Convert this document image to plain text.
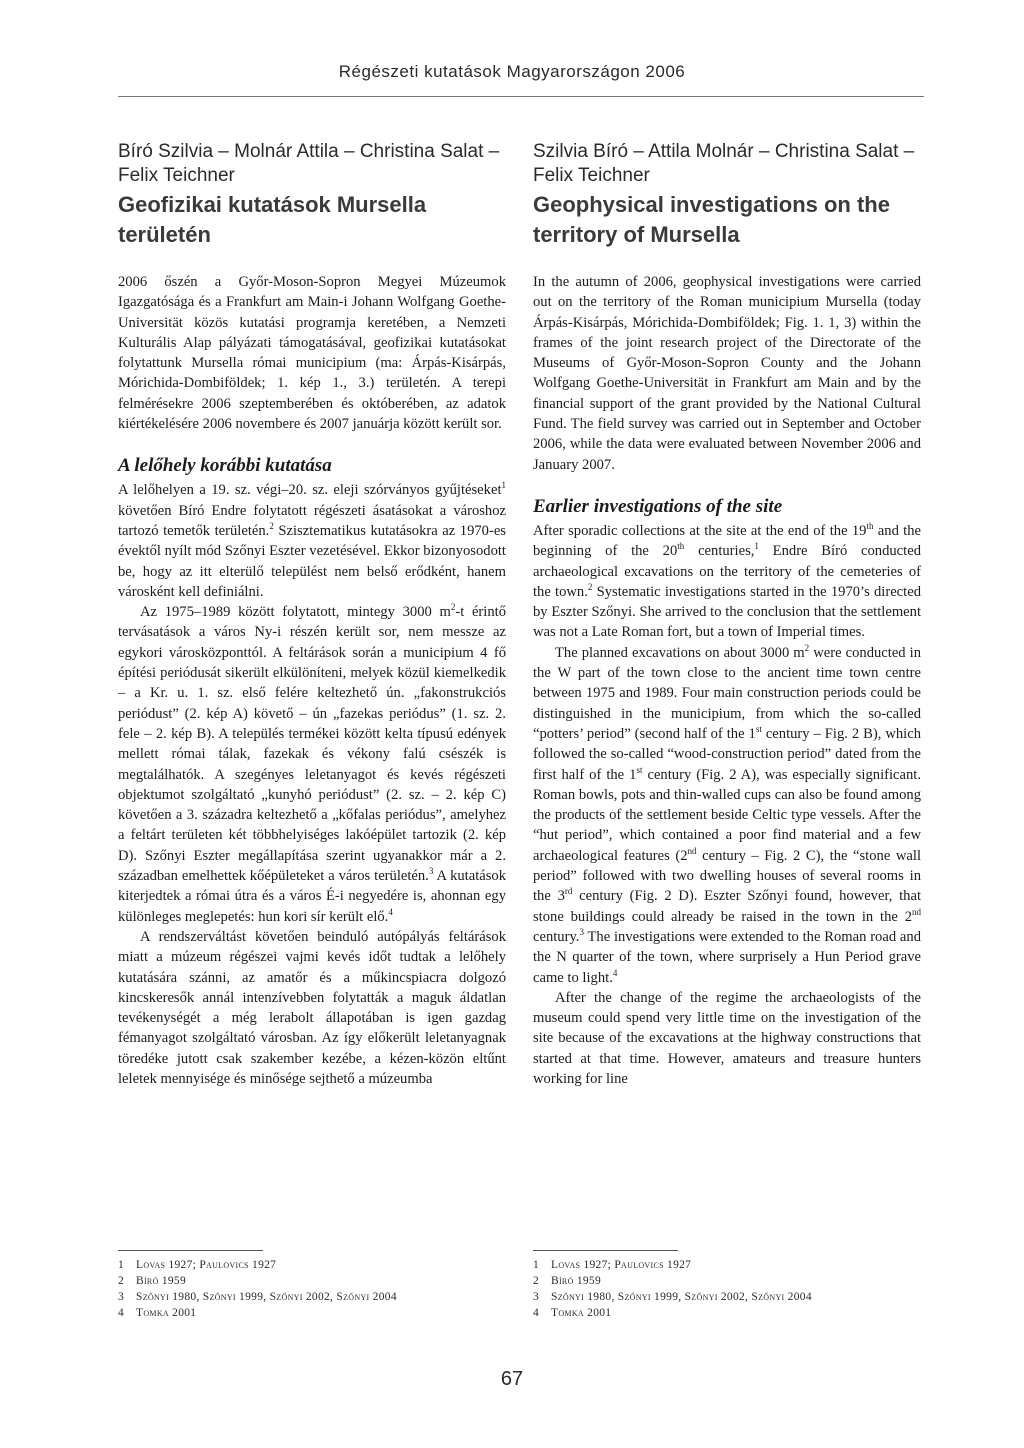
Régészeti kutatások Magyarországon 2006

Bíró Szilvia – Molnár Attila – Christina Salat – Felix Teichner

Geofizikai kutatások Mursella területén

2006 őszén a Győr-Moson-Sopron Megyei Múzeumok Igazgatósága és a Frankfurt am Main-i Johann Wolfgang Goethe-Universität közös kutatási programja keretében, a Nemzeti Kulturális Alap pályázati támogatásával, geofizikai kutatásokat folytattunk Mursella római municipium (ma: Árpás-Kisárpás, Mórichida-Dombiföldek; 1. kép 1., 3.) területén. A terepi felmérésekre 2006 szeptemberében és októberében, az adatok kiértékelésére 2006 novembere és 2007 januárja között került sor.

A lelőhely korábbi kutatása

A lelőhelyen a 19. sz. végi–20. sz. eleji szórványos gyűjtéseket$^1$ követően Bíró Endre folytatott régészeti ásatásokat a városhoz tartozó temetők területén.$^2$ Szisztematikus kutatásokra az 1970-es évektől nyílt mód Szőnyi Eszter vezetésével. Ekkor bizonyosodott be, hogy az itt elterülő települést nem belső erődként, hanem városként kell definiálni.

Az 1975–1989 között folytatott, mintegy 3000 $m^2-t$ érintő tervásatások a város Ny-i részén került sor, nem messze az egykori városközponttól. A feltárások során a municipium 4 fő építési periódusát sikerült elkülöníteni, melyek közül kiemelkedik – a Kr. u. 1. sz. első felére keltezhető ún. „fakonstrukciós periódust” (2. kép A) követő – ún „fazekas periódus” (1. sz. 2. fele – 2. kép B). A település termékei között kelta típusú edények mellett római tálak, fazekak és vékony falú csészék is megtalálhatók. A szegényes leletanyagot és kevés régészeti objektumot szolgáltató „kunyhó periódust” (2. sz. – 2. kép C) követően a 3. századra keltezhető a „kőfalas periódus”, amelyhez a feltárt területen két többhelyiséges lakóépület tartozik (2. kép D). Szőnyi Eszter megállapítása szerint ugyanakkor már a 2. században emelhettek kőépületeket a város területén.$^3$ A kutatások kiterjedtek a római útra és a város É-i negyedére is, ahonnan egy különleges meglepetés: hun kori sír került elő.$^4$

A rendszerváltást követően beinduló autópályás feltárások miatt a múzeum régészei vajmi kevés időt tudtak a lelőhely kutatására szánni, az amatőr és a műkincspiacra dolgozó kincskeresők annál intenzívebben folytatták a maguk áldatlan tevékenységét a még lerabolt állapotában is igen gazdag fémanyagot szolgáltató városban. Az így előkerült leletanyagnak töredéke jutott csak szakember kezébe, a kézen-közön eltűnt leletek mennyisége és minősége sejthető a múzeumba

Szilvia Bíró – Attila Molnár – Christina Salat – Felix Teichner

Geophysical investigations on the territory of Mursella

In the autumn of 2006, geophysical investigations were carried out on the territory of the Roman municipium Mursella (today Árpás-Kisárpás, Mórichida-Dombiföldek; Fig. 1. 1, 3) within the frames of the joint research project of the Directorate of the Museums of Győr-Moson-Sopron County and the Johann Wolfgang Goethe-Universität in Frankfurt am Main and by the financial support of the grant provided by the National Cultural Fund. The field survey was carried out in September and October 2006, while the data were evaluated between November 2006 and January 2007.

Earlier investigations of the site

After sporadic collections at the site at the end of the 19th and the beginning of the 20th centuries,$^1$ Endre Bíró conducted archaeological excavations on the territory of the cemeteries of the town.$^2$ Systematic investigations started in the 1970’s directed by Eszter Szőnyi. She arrived to the conclusion that the settlement was not a Late Roman fort, but a town of Imperial times.

The planned excavations on about 3000 $m^2$ were conducted in the W part of the town close to the ancient time town centre between 1975 and 1989. Four main construction periods could be distinguished in the municipium, from which the so-called “potters’ period” (second half of the 1st century – Fig. 2 B), which followed the so-called “wood-construction period” dated from the first half of the 1st century (Fig. 2 A), was especially significant. Roman bowls, pots and thin-walled cups can also be found among the products of the settlement beside Celtic type vessels. After the “hut period”, which contained a poor find material and a few archaeological features (2nd century – Fig. 2 C), the “stone wall period” followed with two dwelling houses of several rooms in the 3rd century (Fig. 2 D). Eszter Szőnyi found, however, that stone buildings could already be raised in the town in the 2nd century.$^3$ The investigations were extended to the Roman road and the N quarter of the town, where surprisely a Hun Period grave came to light.$^4$

After the change of the regime the archaeologists of the museum could spend very little time on the investigation of the site because of the excavations at the highway constructions that started at that time. However, amateurs and treasure hunters working for line

1	Lovas 1927; Paulovics 1927
2	Bíró 1959
3	Szőnyi 1980, Szőnyi 1999, Szőnyi 2002, Szőnyi 2004
4	Tomka 2001
1	Lovas 1927; Paulovics 1927
2	Bíró 1959
3	Szőnyi 1980, Szőnyi 1999, Szőnyi 2002, Szőnyi 2004
4	Tomka 2001
67
